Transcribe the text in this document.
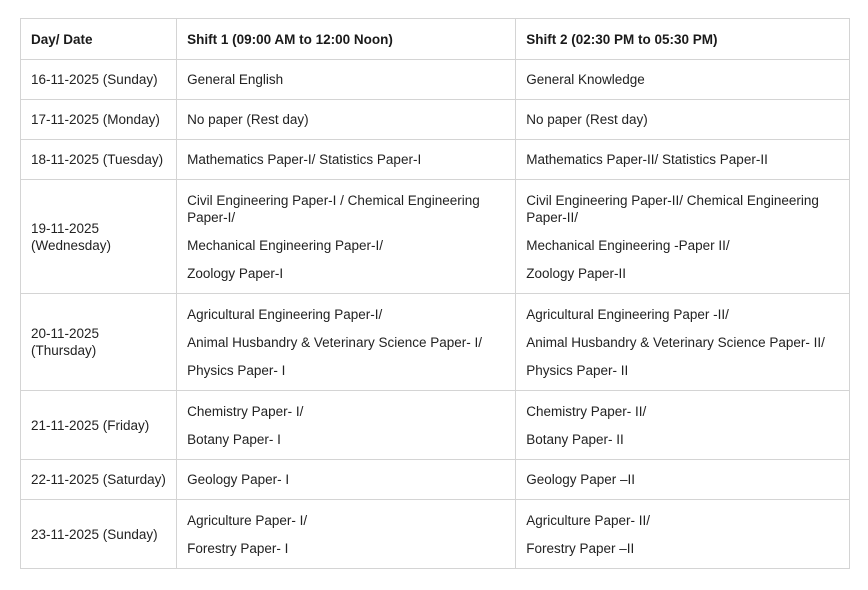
Day/ Date	Shift 1 (09:00 AM to 12:00 Noon)	Shift 2 (02:30 PM to 05:30 PM)
16-11-2025 (Sunday)	General English	General Knowledge

17-11-2025 (Monday)	No paper (Rest day)	No paper (Rest day)

18-11-2025 (Tuesday)	Mathematics Paper-I/ Statistics Paper-I	Mathematics Paper-II/ Statistics Paper-II

19-11-2025 (Wednesday)	Civil Engineering Paper-I / Chemical Engineering Paper-I/
Mechanical Engineering Paper-I/
Zoology Paper-I	Civil Engineering Paper-II/ Chemical Engineering Paper-II/
Mechanical Engineering -Paper II/
Zoology Paper-II

20-11-2025 (Thursday)	Agricultural Engineering Paper-I/
Animal Husbandry & Veterinary Science Paper- I/
Physics Paper- I	Agricultural Engineering Paper -II/
Animal Husbandry & Veterinary Science Paper- II/
Physics Paper- II

21-11-2025 (Friday)	Chemistry Paper- I/
Botany Paper- I	Chemistry Paper- II/
Botany Paper- II

22-11-2025 (Saturday)	Geology Paper- I	Geology Paper –II

23-11-2025 (Sunday)	Agriculture Paper- I/
Forestry Paper- I	Agriculture Paper- II/
Forestry Paper –II
